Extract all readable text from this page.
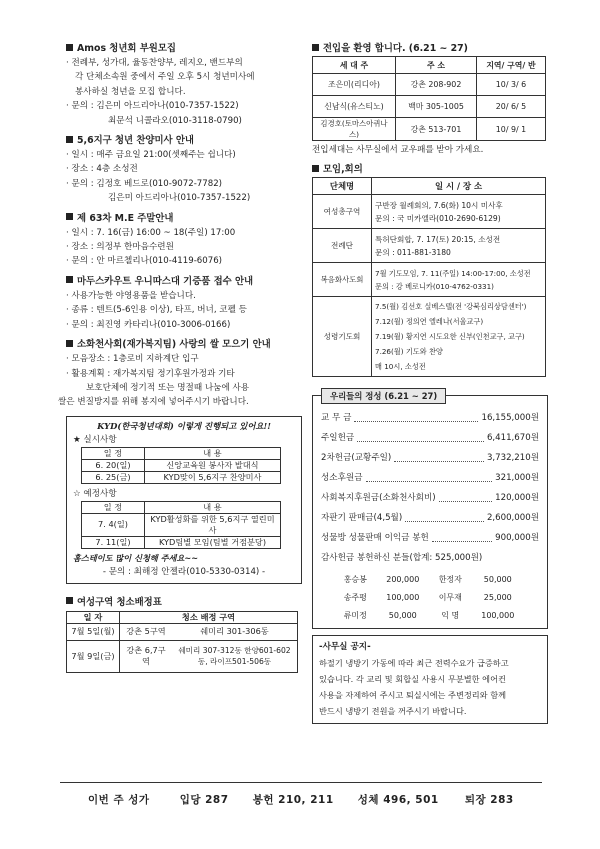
Amos 청년회 부원모집
· 전례부, 성가대, 율동찬양부, 레지오, 밴드부의
각 단체소속원 중에서 주일 오후 5시 청년미사에
봉사하실 청년을 모집 합니다.
· 문의 : 김은미 아드리아나(010-7357-1522)
최문석 니콜라오(010-3118-0790)
5,6지구 청년 찬양미사 안내
· 일시 : 매주 금요일 21:00(셋째주는 쉽니다)
· 장소 : 4층 소성전
· 문의 : 김정호 베드로(010-9072-7782)
김은미 아드리아나(010-7357-1522)
제 63차 M.E 주말안내
· 일시 : 7. 16(금) 16:00 ~ 18(주일) 17:00
· 장소 : 의정부 한마음수련원
· 문의 : 안 마르첼리나(010-4119-6076)
마두스카우트 우니따스대 기증품 접수 안내
· 사용가능한 야영용품을 받습니다.
· 종류 : 텐트(5-6인용 이상), 타프, 버너, 코펠 등
· 문의 : 최진영 카타리나(010-3006-0166)
소화천사회(재가복지팀) 사랑의 쌀 모으기 안내
· 모음장소 : 1층로비 지하계단 입구
· 활용계획 : 재가복지팀 정기후원가정과 기타
보호단체에 정기적 또는 명절때 나눔에 사용
쌀은 변질방지를 위해 봉지에 넣어주시기 바랍니다.
KYD(한국청년대회) 이렇게 진행되고 있어요!!
★ 실시사항
일 정	내 용
6. 20(일)	신앙교육원 봉사자 발대식
6. 25(금)	KYD맞이 5,6지구 찬양미사
☆ 예정사항
일 정	내 용
7. 4(일)	KYD활성화를 위한 5,6지구 열린미사
7. 11(일)	KYD팀별 모임(팀별 거점분당)
홈스테이도 많이 신청해 주세요~~
- 문의 : 최해정 안젤라(010-5330-0314) -
여성구역 청소배정표
일 자	청소 배정 구역	
7월 5일(월)	강촌 5구역	쉐미리 301-306동
7월 9일(금)	강촌 6,7구역	쉐미리 307-312동 한양601-602동, 라이프501-506동
전입을 환영 합니다. (6.21 ~ 27)
세 대 주	주 소	지역/ 구역/ 반
조은미(리디아)	강촌 208-902	10/ 3/ 6
신남식(유스티노)	백마 305-1005	20/ 6/ 5
김경호(토마스아퀴나스)	강촌 513-701	10/ 9/ 1
전입세대는 사무실에서 교우패를 받아 가세요.
모임,회의
단체명	일 시 / 장 소
여성총구역	구반장 월례회의, 7.6(화) 10시 미사후
문의 : 국 미카엘라(010-2690-6129)
전례단	특허단회합, 7. 17(토) 20:15, 소성전
문의 : 011-881-3180
복음화사도회	7월 기도모임, 7. 11(주일) 14:00-17:00, 소성전
문의 : 강 베로니카(010-4762-0331)
성령기도회	7.5(월) 김선호 실베스텔(전 '강북심리상담센터')
7.12(월) 정의연 엘레나(서울교구)
7.19(월) 황지연 시도요한 신부(인천교구, 교구)
7.26(월) 기도와 찬양
매 10시, 소성전
우리들의 정성 (6.21 ~ 27)
교 무 금	16,155,000원
주일헌금	6,411,670원
2차헌금(교황주일)	3,732,210원
성소후원금	321,000원
사회복지후원금(소화천사회비)	120,000원
자판기 판매금(4,5월)	2,600,000원
성물방 성물판매 이익금 봉헌	900,000원
감사헌금 봉헌하신 분들(합계: 525,000원)
홍승봉	200,000	한정자	50,000
송주평	100,000	이무재	25,000
류미정	50,000	익 명	100,000
-사무실 공지-
하절기 냉방기 가동에 따라 최근 전력수요가 급증하고
있습니다. 각 교리 및 회합실 사용시 무분별한 에어컨
사용을 자제하여 주시고 퇴실시에는 주변정리와 함께
반드시 냉방기 전원을 꺼주시기 바랍니다.
이번 주 성가	입당 287 봉헌 210, 211 성체 496, 501 퇴장 283
